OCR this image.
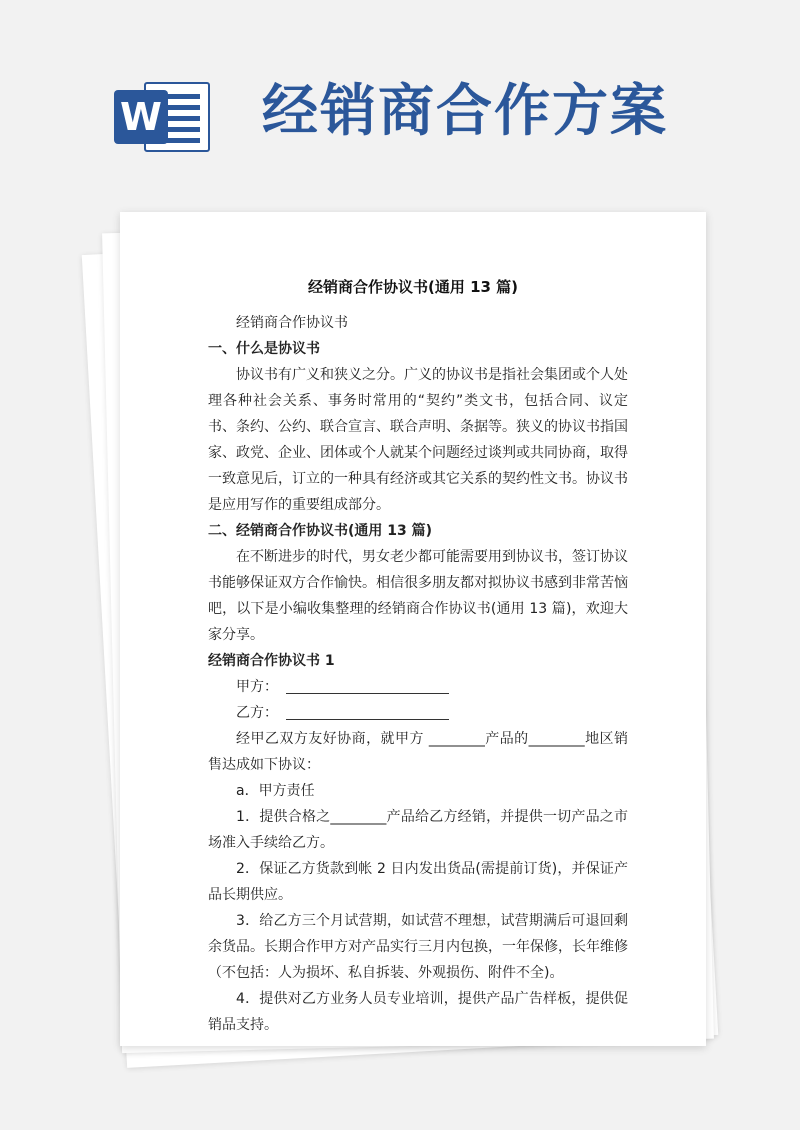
W 经销商合作方案
经销商合作协议书(通用 13 篇)

经销商合作协议书

一、什么是协议书

协议书有广义和狭义之分。广义的协议书是指社会集团或个人处理各种社会关系、事务时常用的“契约”类文书，包括合同、议定书、条约、公约、联合宣言、联合声明、条据等。狭义的协议书指国家、政党、企业、团体或个人就某个问题经过谈判或共同协商，取得一致意见后，订立的一种具有经济或其它关系的契约性文书。协议书是应用写作的重要组成部分。

二、经销商合作协议书(通用 13 篇)

在不断进步的时代，男女老少都可能需要用到协议书，签订协议书能够保证双方合作愉快。相信很多朋友都对拟协议书感到非常苦恼吧，以下是小编收集整理的经销商合作协议书(通用 13 篇)，欢迎大家分享。

经销商合作协议书 1

甲方：

乙方：

经甲乙双方友好协商，就甲方 ________产品的________地区销售达成如下协议：

a．甲方责任

1．提供合格之________产品给乙方经销，并提供一切产品之市场准入手续给乙方。

2．保证乙方货款到帐 2 日内发出货品(需提前订货)，并保证产品长期供应。

3．给乙方三个月试营期，如试营不理想，试营期满后可退回剩余货品。长期合作甲方对产品实行三月内包换，一年保修，长年维修（不包括：人为损坏、私自拆装、外观损伤、附件不全)。

4．提供对乙方业务人员专业培训，提供产品广告样板，提供促销品支持。
